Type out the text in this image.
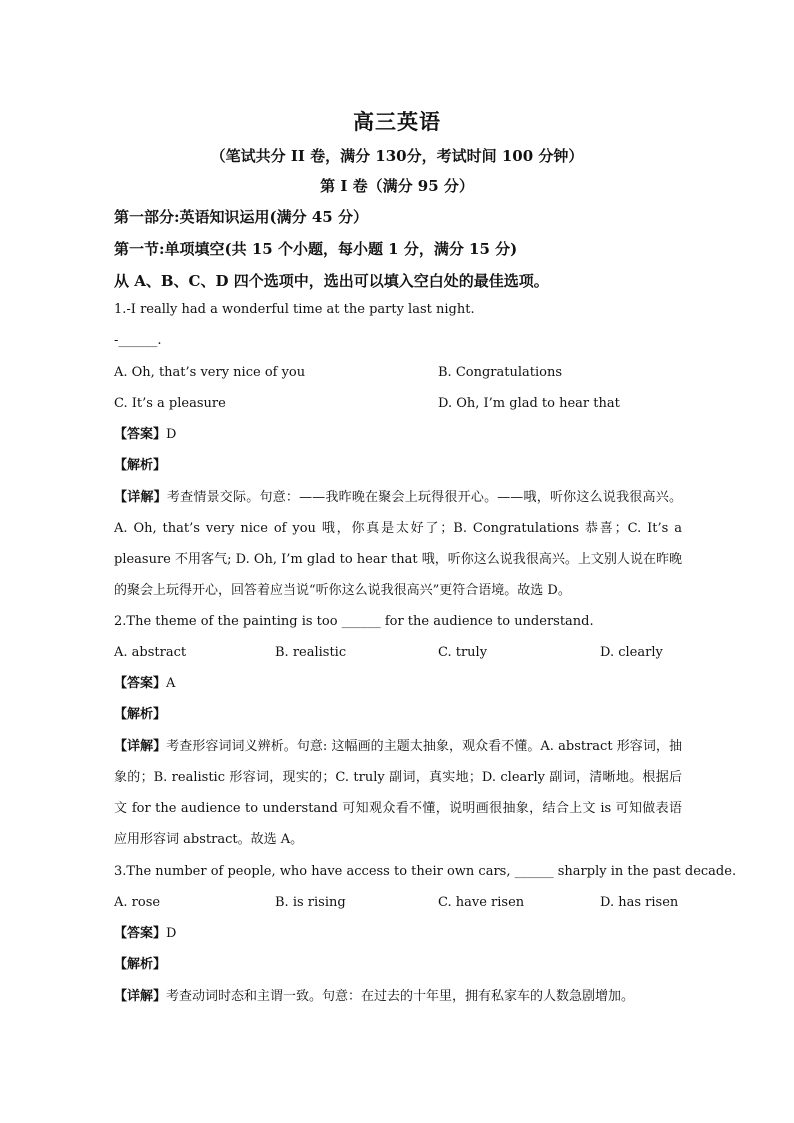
高三英语
（笔试共分 II 卷，满分 130分，考试时间 100 分钟）
第 I 卷（满分 95 分）
第一部分:英语知识运用(满分 45 分）
第一节:单项填空(共 15 个小题，每小题 1 分，满分 15 分)
从 A、B、C、D 四个选项中，选出可以填入空白处的最佳选项。
1.-I really had a wonderful time at the party last night.
-______.
A. Oh, that’s very nice of you	B. Congratulations
C. It’s a pleasure	D. Oh, I’m glad to hear that
【答案】D
【解析】
【详解】考查情景交际。句意：——我昨晚在聚会上玩得很开心。——哦，听你这么说我很高兴。A. Oh, that’s very nice of you 哦，你真是太好了；B. Congratulations 恭喜；C. It’s a pleasure 不用客气; D. Oh, I’m glad to hear that 哦，听你这么说我很高兴。上文别人说在昨晚的聚会上玩得开心，回答着应当说“听你这么说我很高兴”更符合语境。故选 D。
2.The theme of the painting is too ______ for the audience to understand.
A. abstract	B. realistic	C. truly	D. clearly
【答案】A
【解析】
【详解】考查形容词词义辨析。句意: 这幅画的主题太抽象，观众看不懂。A. abstract 形容词，抽象的；B. realistic 形容词，现实的；C. truly 副词，真实地；D. clearly 副词，清晰地。根据后文 for the audience to understand 可知观众看不懂，说明画很抽象，结合上文 is 可知做表语应用形容词 abstract。故选 A。
3.The number of people, who have access to their own cars, ______ sharply in the past decade.
A. rose	B. is rising	C. have risen	D. has risen
【答案】D
【解析】
【详解】考查动词时态和主谓一致。句意：在过去的十年里，拥有私家车的人数急剧增加。
